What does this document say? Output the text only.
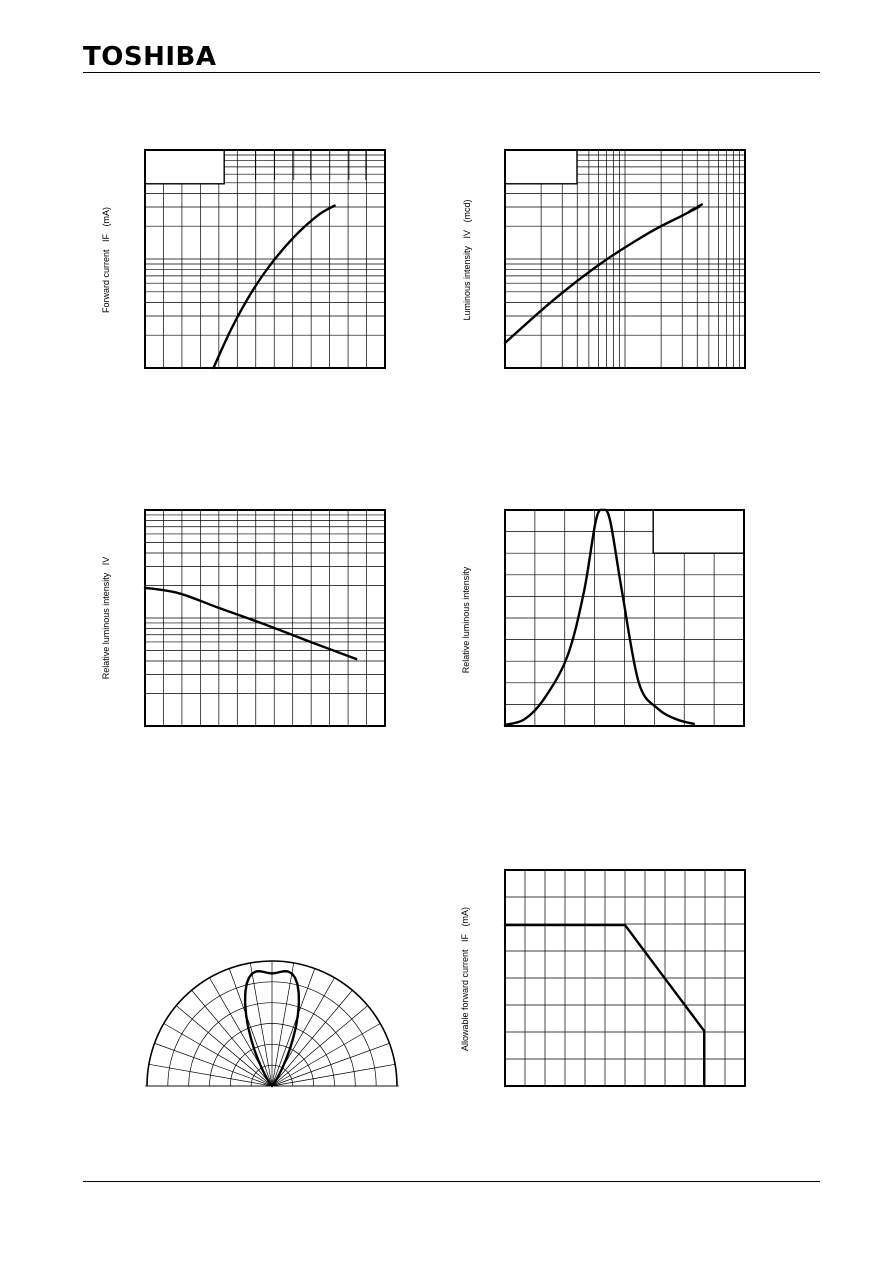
TOSHIBA
Forward current   IF   (mA)	Luminous intensity   IV   (mcd)
Relative luminous intensity   IV	Relative luminous intensity
Allowable forward current   IF   (mA)
